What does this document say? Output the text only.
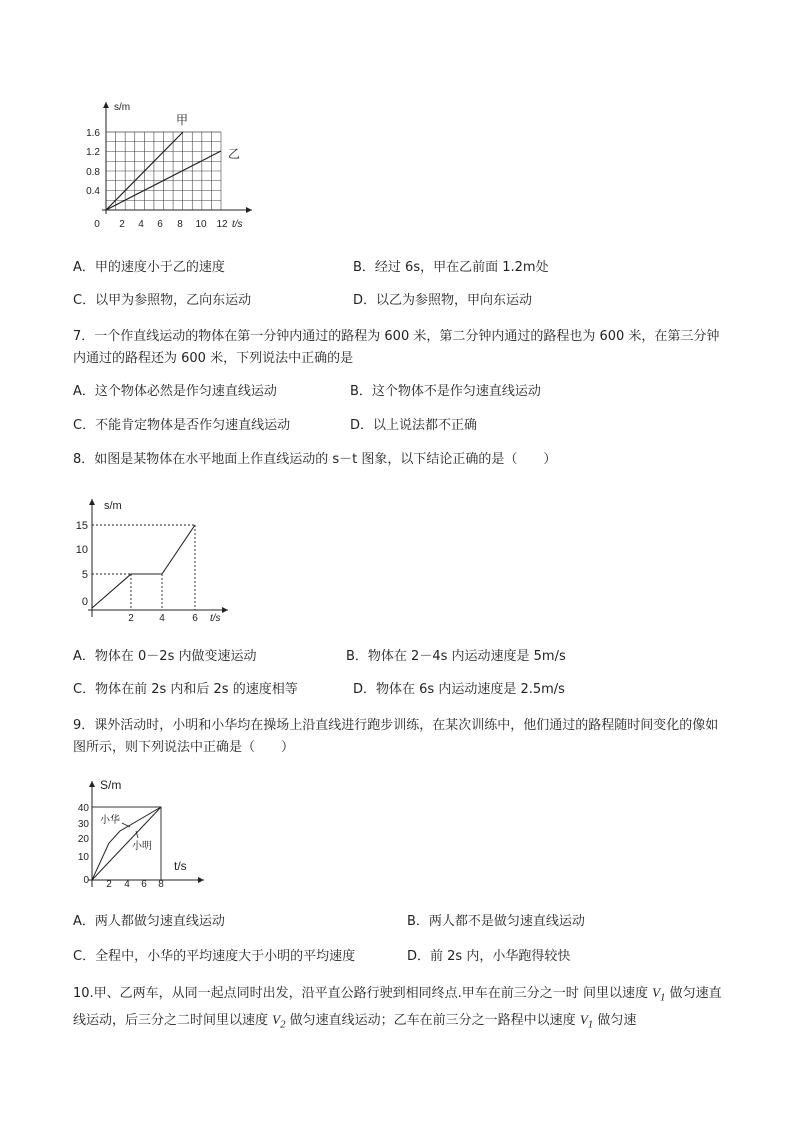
s/m
t/s
1.6
1.2
0.8
0.4
0 2 4 6 8 10 12
甲
乙
A．甲的速度小于乙的速度	B．经过 6s，甲在乙前面 1.2m处
C．以甲为参照物，乙向东运动	D．以乙为参照物，甲向东运动
7．一个作直线运动的物体在第一分钟内通过的路程为 600 米，第二分钟内通过的路程也为 600 米，在第三分钟内通过的路程还为 600 米，下列说法中正确的是
A．这个物体必然是作匀速直线运动	B．这个物体不是作匀速直线运动
C．不能肯定物体是否作匀速直线运动	D．以上说法都不正确
8．如图是某物体在水平地面上作直线运动的 s－t 图象，以下结论正确的是（　　）
s/m
t/s
15
10
5
0
2	4	6
A．物体在 0－2s 内做变速运动	B．物体在 2－4s 内运动速度是 5m/s
C．物体在前 2s 内和后 2s 的速度相等	D．物体在 6s 内运动速度是 2.5m/s
9．课外活动时，小明和小华均在操场上沿直线进行跑步训练，在某次训练中，他们通过的路程随时间变化的像如图所示，则下列说法中正确是（　　）
S/m
t/s
40
30
20
10
0 2 4 6 8
小华
小明
A．两人都做匀速直线运动	B．两人都不是做匀速直线运动
C．全程中，小华的平均速度大于小明的平均速度	D．前 2s 内，小华跑得较快
10.甲、乙两车，从同一起点同时出发，沿平直公路行驶到相同终点.甲车在前三分之一时 间里以速度 $V_1$ 做匀速直线运动，后三分之二时间里以速度 $V_2$ 做匀速直线运动；乙车在前三分之一路程中以速度 $V_1$ 做匀速
